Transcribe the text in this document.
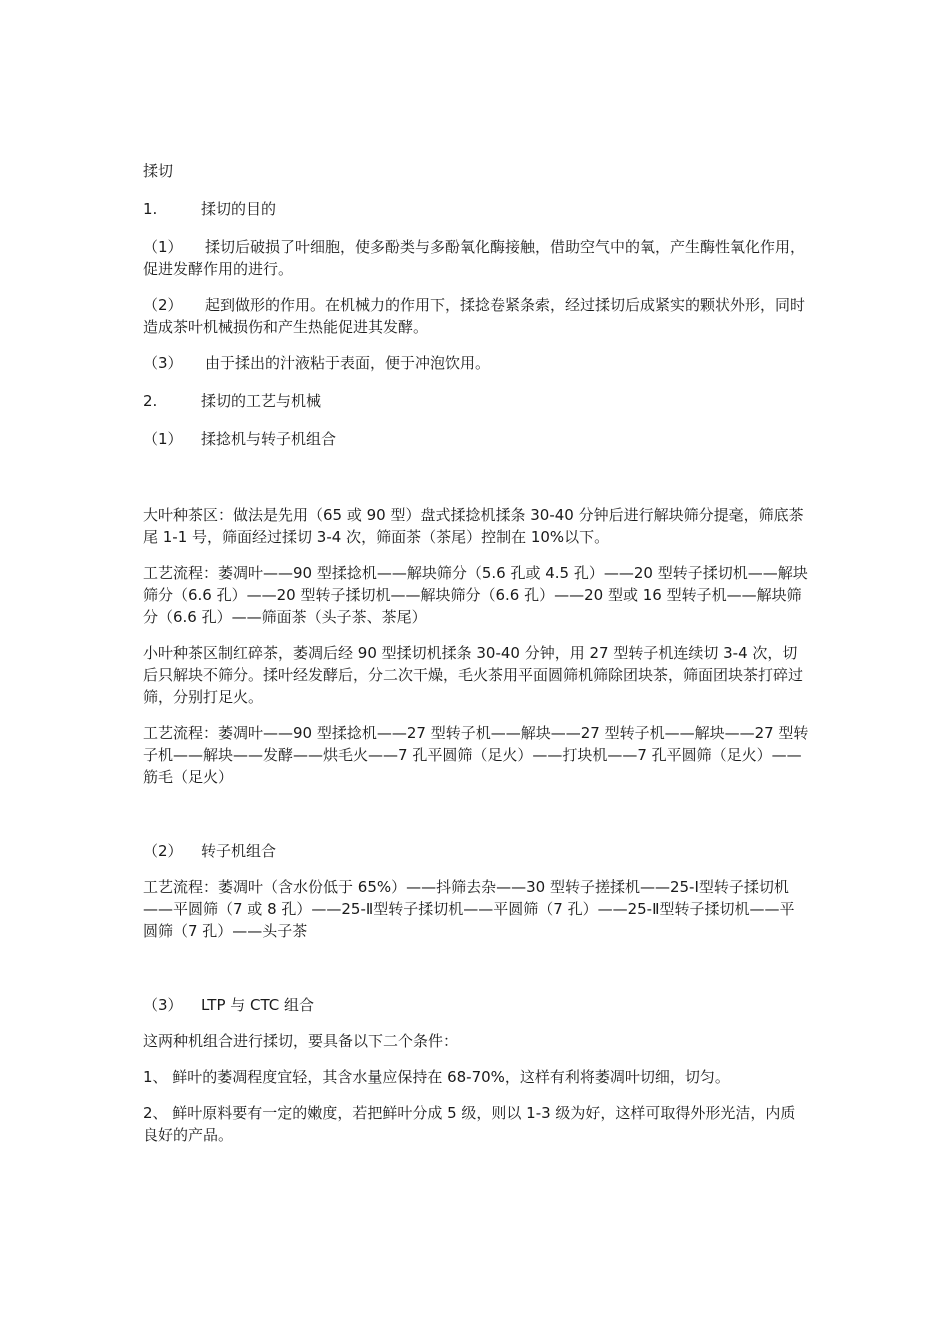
揉切

1.	揉切的目的

（1） 揉切后破损了叶细胞，使多酚类与多酚氧化酶接触，借助空气中的氧，产生酶性氧化作用，促进发酵作用的进行。

（2） 起到做形的作用。在机械力的作用下，揉捻卷紧条索，经过揉切后成紧实的颗状外形，同时造成茶叶机械损伤和产生热能促进其发酵。

（3） 由于揉出的汁液粘于表面，便于冲泡饮用。

2.	揉切的工艺与机械

（1） 揉捻机与转子机组合

大叶种茶区：做法是先用（65 或 90 型）盘式揉捻机揉条 30-40 分钟后进行解块筛分提毫，筛底茶尾 1-1 号，筛面经过揉切 3-4 次，筛面茶（茶尾）控制在 10%以下。

工艺流程：萎凋叶——90 型揉捻机——解块筛分（5.6 孔或 4.5 孔）——20 型转子揉切机——解块筛分（6.6 孔）——20 型转子揉切机——解块筛分（6.6 孔）——20 型或 16 型转子机——解块筛分（6.6 孔）——筛面茶（头子茶、茶尾）

小叶种茶区制红碎茶，萎凋后经 90 型揉切机揉条 30-40 分钟，用 27 型转子机连续切 3-4 次，切后只解块不筛分。揉叶经发酵后，分二次干燥，毛火茶用平面圆筛机筛除团块茶，筛面团块茶打碎过筛，分别打足火。

工艺流程：萎凋叶——90 型揉捻机——27 型转子机——解块——27 型转子机——解块——27 型转子机——解块——发酵——烘毛火——7 孔平圆筛（足火）——打块机——7 孔平圆筛（足火）——筋毛（足火）

（2） 转子机组合

工艺流程：萎凋叶（含水份低于 65%）——抖筛去杂——30 型转子搓揉机——25-Ⅰ型转子揉切机——平圆筛（7 或 8 孔）——25-Ⅱ型转子揉切机——平圆筛（7 孔）——25-Ⅱ型转子揉切机——平圆筛（7 孔）——头子茶

（3） LTP 与 CTC 组合

这两种机组合进行揉切，要具备以下二个条件：

1、 鲜叶的萎凋程度宜轻，其含水量应保持在 68-70%，这样有利将萎凋叶切细，切匀。

2、 鲜叶原料要有一定的嫩度，若把鲜叶分成 5 级，则以 1-3 级为好，这样可取得外形光洁，内质良好的产品。
